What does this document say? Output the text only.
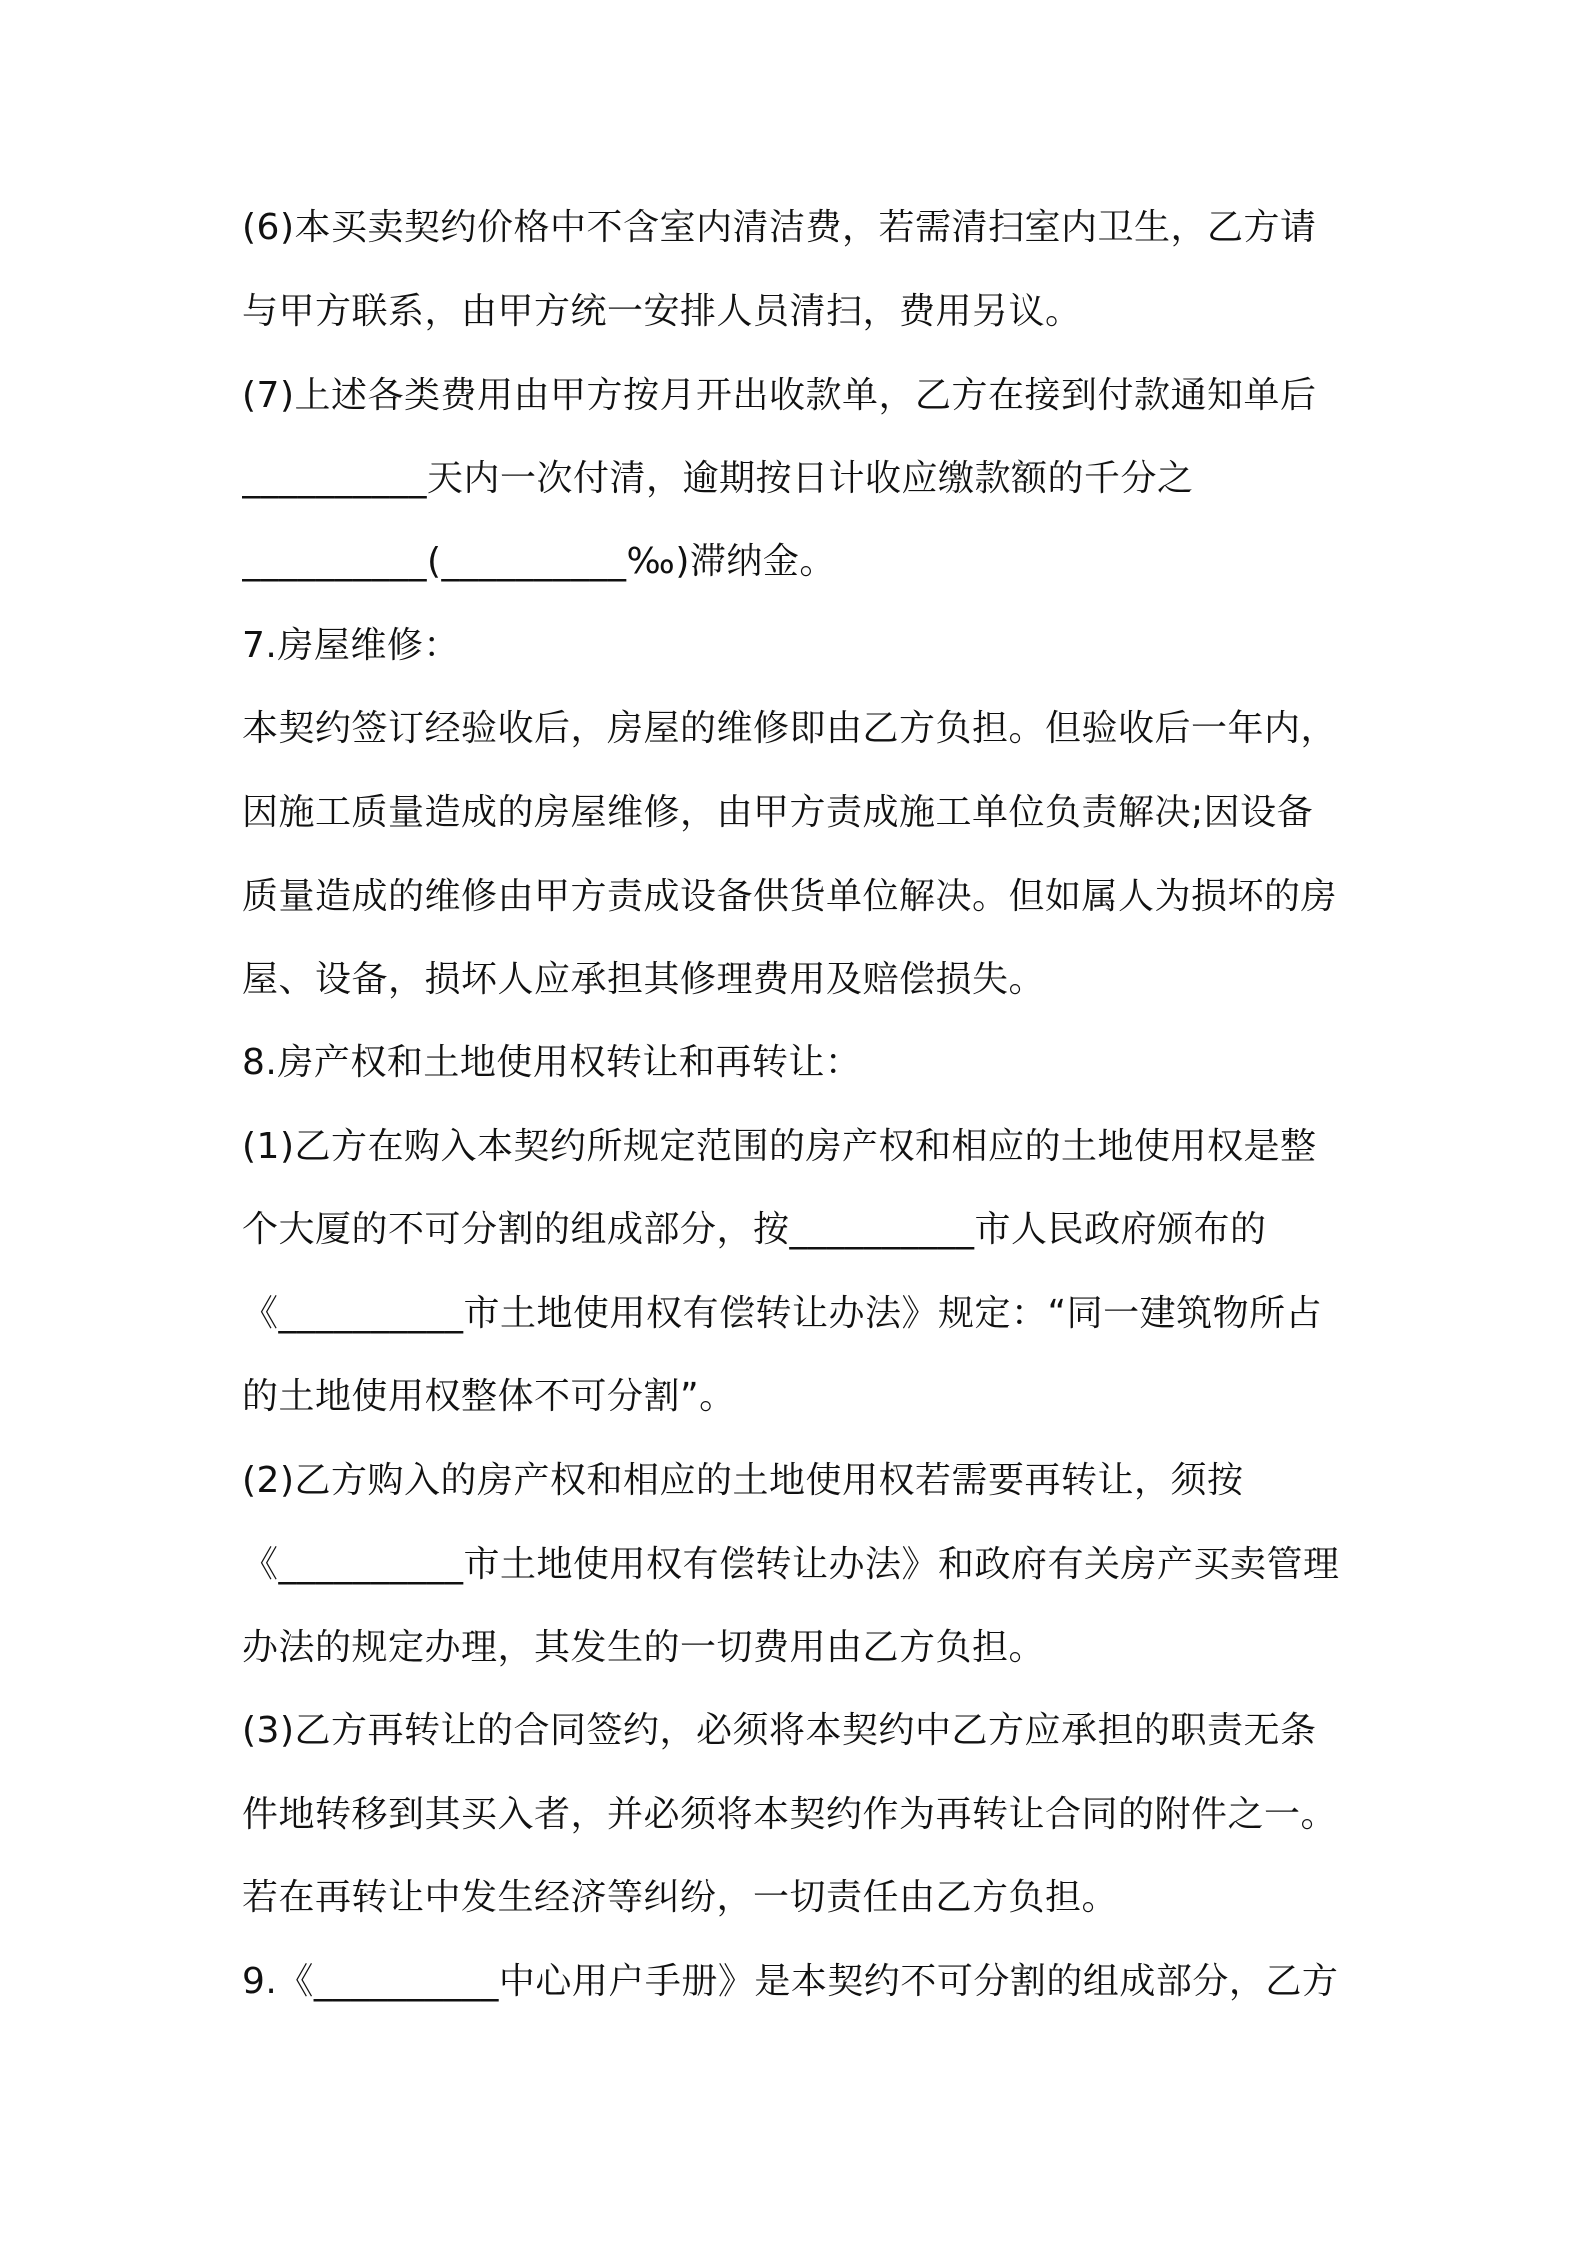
(6)本买卖契约价格中不含室内清洁费，若需清扫室内卫生，乙方请
与甲方联系，由甲方统一安排人员清扫，费用另议。
(7)上述各类费用由甲方按月开出收款单，乙方在接到付款通知单后
__________天内一次付清，逾期按日计收应缴款额的千分之
__________(__________‰)滞纳金。
7.房屋维修：
本契约签订经验收后，房屋的维修即由乙方负担。但验收后一年内，
因施工质量造成的房屋维修，由甲方责成施工单位负责解决;因设备
质量造成的维修由甲方责成设备供货单位解决。但如属人为损坏的房
屋、设备，损坏人应承担其修理费用及赔偿损失。
8.房产权和土地使用权转让和再转让：
(1)乙方在购入本契约所规定范围的房产权和相应的土地使用权是整
个大厦的不可分割的组成部分，按__________市人民政府颁布的
《__________市土地使用权有偿转让办法》规定：“同一建筑物所占
的土地使用权整体不可分割”。
(2)乙方购入的房产权和相应的土地使用权若需要再转让，须按
《__________市土地使用权有偿转让办法》和政府有关房产买卖管理
办法的规定办理，其发生的一切费用由乙方负担。
(3)乙方再转让的合同签约，必须将本契约中乙方应承担的职责无条
件地转移到其买入者，并必须将本契约作为再转让合同的附件之一。
若在再转让中发生经济等纠纷，一切责任由乙方负担。
9.《__________中心用户手册》是本契约不可分割的组成部分，乙方
